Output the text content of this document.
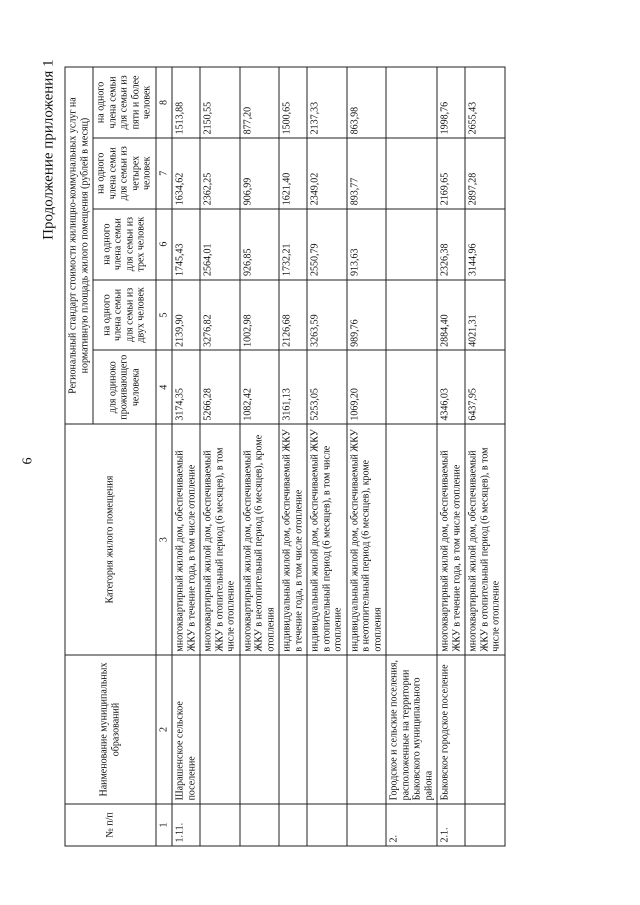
6
Продолжение приложения 1
№ п/п	Наименование муниципальных образований	Категория жилого помещения	Региональный стандарт стоимости жилищно-коммунальных услуг на нормативную площадь жилого помещения (рублей в месяц)				
			для одиноко проживающего человека	на одного члена семьи для семьи из двух человек	на одного члена семьи для семьи из трех человек	на одного члена семьи для семьи из четырех человек	на одного члена семьи для семьи из пяти и более человек
1	2	3	4	5	6	7	8
1.11.	Шарашенское сельское поселение	многоквартирный жилой дом, обеспечиваемый ЖКУ в течение года, в том числе отопление	3174,35	2139,90	1745,43	1634,62	1513,88
		многоквартирный жилой дом, обеспечиваемый ЖКУ в отопительный период (6 месяцев), в том числе отопление	5266,28	3276,82	2564,01	2362,25	2150,55
		многоквартирный жилой дом, обеспечиваемый ЖКУ в неотопительный период (6 месяцев), кроме отопления	1082,42	1002,98	926,85	906,99	877,20
		индивидуальный жилой дом, обеспечиваемый ЖКУ в течение года, в том числе отопление	3161,13	2126,68	1732,21	1621,40	1500,65
		индивидуальный жилой дом, обеспечиваемый ЖКУ в отопительный период (6 месяцев), в том числе отопление	5253,05	3263,59	2550,79	2349,02	2137,33
		индивидуальный жилой дом, обеспечиваемый ЖКУ в неотопительный период (6 месяцев), кроме отопления	1069,20	989,76	913,63	893,77	863,98
2.	Городское и сельские поселения, расположенные на территории Быковского муниципального района						
2.1.	Быковское городское поселение	многоквартирный жилой дом, обеспечиваемый ЖКУ в течение года, в том числе отопление	4346,03	2884,40	2326,38	2169,65	1998,76
		многоквартирный жилой дом, обеспечиваемый ЖКУ в отопительный период (6 месяцев), в том числе отопление	6437,95	4021,31	3144,96	2897,28	2655,43
